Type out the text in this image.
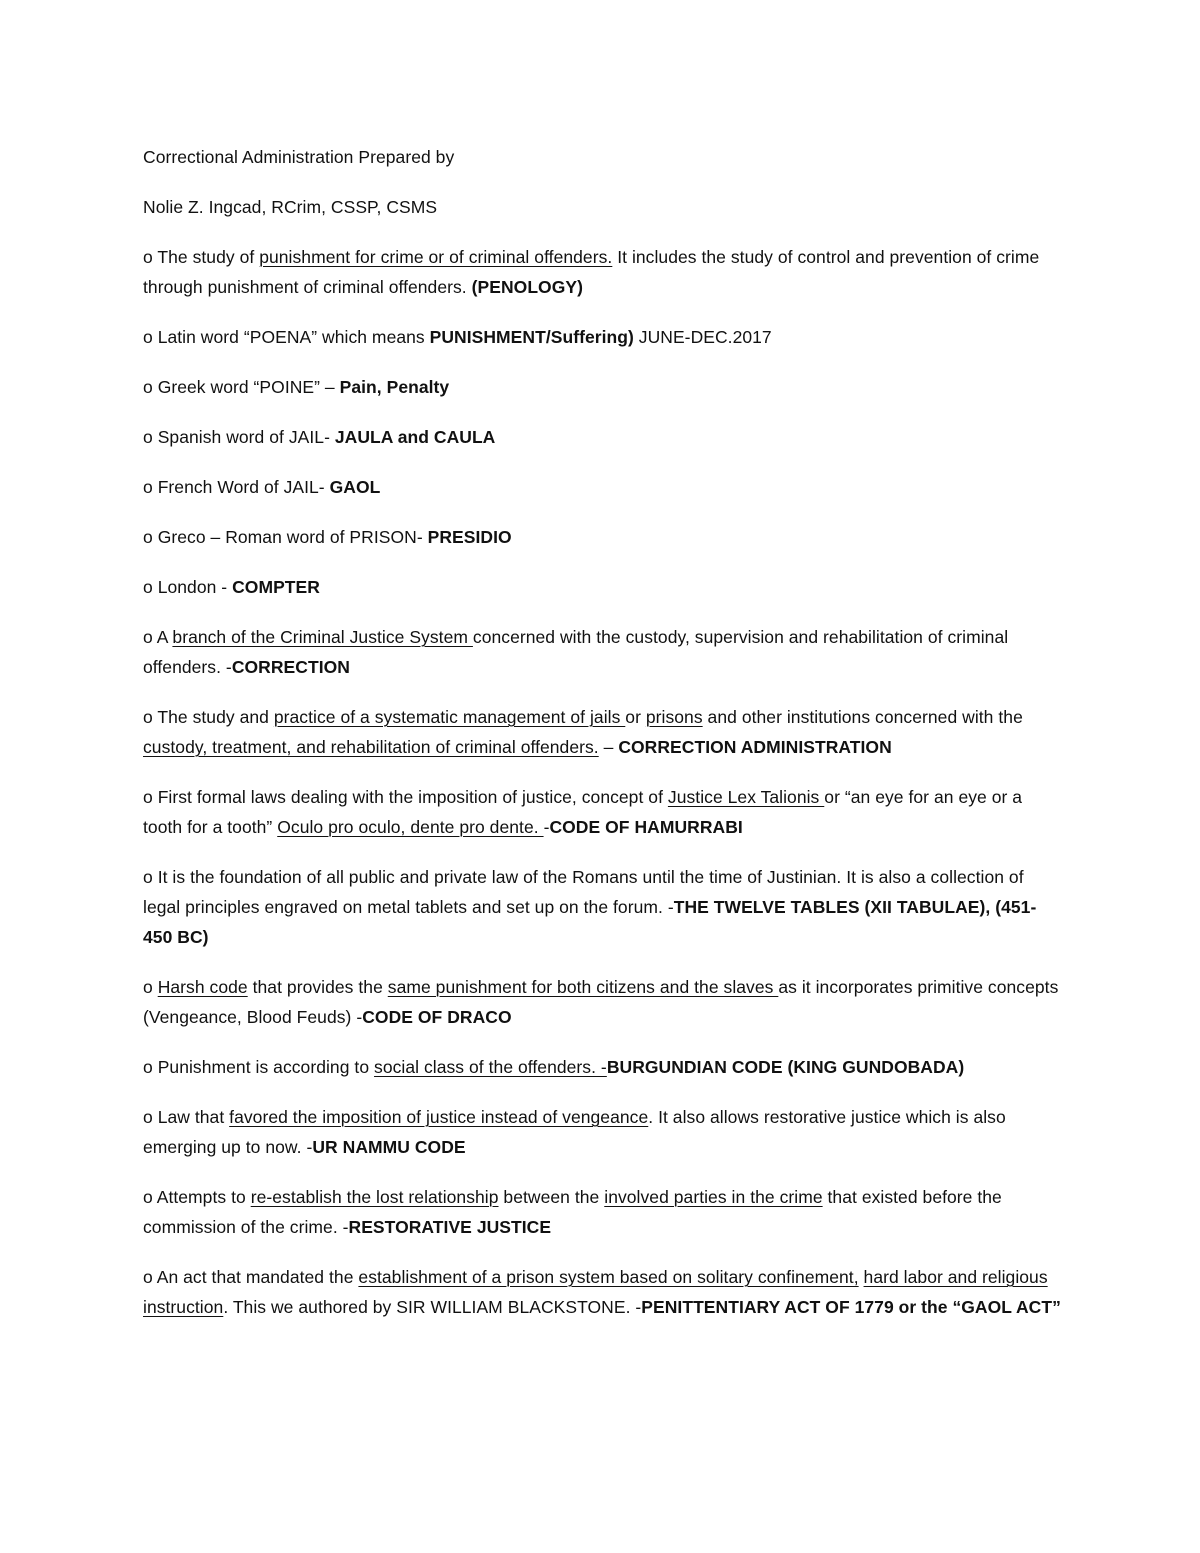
Correctional Administration Prepared by

Nolie Z. Ingcad, RCrim, CSSP, CSMS

o The study of punishment for crime or of criminal offenders. It includes the study of control and prevention of crime through punishment of criminal offenders. (PENOLOGY)

o Latin word “POENA” which means PUNISHMENT/Suffering) JUNE-DEC.2017

o Greek word “POINE” – Pain, Penalty

o Spanish word of JAIL- JAULA and CAULA

o French Word of JAIL- GAOL

o Greco – Roman word of PRISON- PRESIDIO

o London - COMPTER

o A branch of the Criminal Justice System concerned with the custody, supervision and rehabilitation of criminal offenders. -CORRECTION

o The study and practice of a systematic management of jails or prisons and other institutions concerned with the custody, treatment, and rehabilitation of criminal offenders. – CORRECTION ADMINISTRATION

o First formal laws dealing with the imposition of justice, concept of Justice Lex Talionis or “an eye for an eye or a tooth for a tooth” Oculo pro oculo, dente pro dente. -CODE OF HAMURRABI

o It is the foundation of all public and private law of the Romans until the time of Justinian. It is also a collection of legal principles engraved on metal tablets and set up on the forum. -THE TWELVE TABLES (XII TABULAE), (451-450 BC)

o Harsh code that provides the same punishment for both citizens and the slaves as it incorporates primitive concepts (Vengeance, Blood Feuds) -CODE OF DRACO

o Punishment is according to social class of the offenders. -BURGUNDIAN CODE (KING GUNDOBADA)

o Law that favored the imposition of justice instead of vengeance. It also allows restorative justice which is also emerging up to now. -UR NAMMU CODE

o Attempts to re-establish the lost relationship between the involved parties in the crime that existed before the commission of the crime. -RESTORATIVE JUSTICE

o An act that mandated the establishment of a prison system based on solitary confinement, hard labor and religious instruction. This we authored by SIR WILLIAM BLACKSTONE. -PENITTENTIARY ACT OF 1779 or the “GAOL ACT”
